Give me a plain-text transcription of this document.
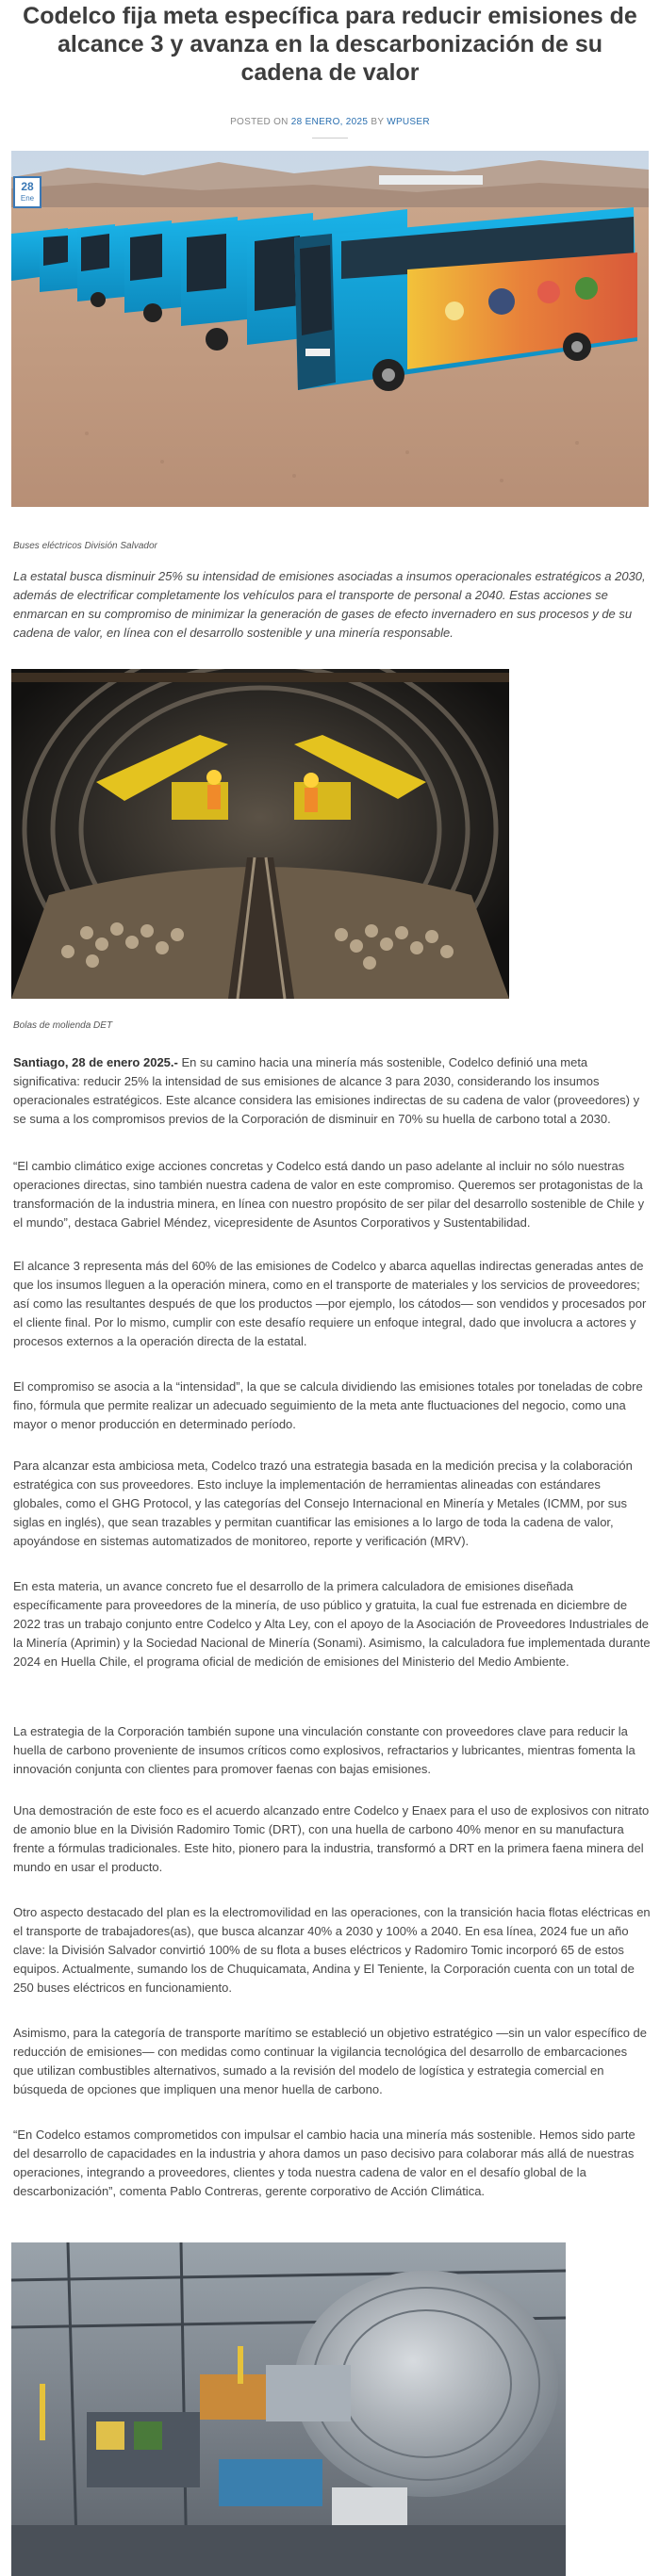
Codelco fija meta específica para reducir emisiones de alcance 3 y avanza en la descarbonización de su cadena de valor
POSTED ON 28 ENERO, 2025 BY WPUSER
28
Ene
Buses eléctricos División Salvador

La estatal busca disminuir 25% su intensidad de emisiones asociadas a insumos operacionales estratégicos a 2030, además de electrificar completamente los vehículos para el transporte de personal a 2040. Estas acciones se enmarcan en su compromiso de minimizar la generación de gases de efecto invernadero en sus procesos y de su cadena de valor, en línea con el desarrollo sostenible y una minería responsable.

Bolas de molienda DET

Santiago, 28 de enero 2025.- En su camino hacia una minería más sostenible, Codelco definió una meta significativa: reducir 25% la intensidad de sus emisiones de alcance 3 para 2030, considerando los insumos operacionales estratégicos. Este alcance considera las emisiones indirectas de su cadena de valor (proveedores) y se suma a los compromisos previos de la Corporación de disminuir en 70% su huella de carbono total a 2030.

“El cambio climático exige acciones concretas y Codelco está dando un paso adelante al incluir no sólo nuestras operaciones directas, sino también nuestra cadena de valor en este compromiso. Queremos ser protagonistas de la transformación de la industria minera, en línea con nuestro propósito de ser pilar del desarrollo sostenible de Chile y el mundo”, destaca Gabriel Méndez, vicepresidente de Asuntos Corporativos y Sustentabilidad.

El alcance 3 representa más del 60% de las emisiones de Codelco y abarca aquellas indirectas generadas antes de que los insumos lleguen a la operación minera, como en el transporte de materiales y los servicios de proveedores; así como las resultantes después de que los productos —por ejemplo, los cátodos— son vendidos y procesados por el cliente final. Por lo mismo, cumplir con este desafío requiere un enfoque integral, dado que involucra a actores y procesos externos a la operación directa de la estatal.

El compromiso se asocia a la “intensidad”, la que se calcula dividiendo las emisiones totales por toneladas de cobre fino, fórmula que permite realizar un adecuado seguimiento de la meta ante fluctuaciones del negocio, como una mayor o menor producción en determinado período.

Para alcanzar esta ambiciosa meta, Codelco trazó una estrategia basada en la medición precisa y la colaboración estratégica con sus proveedores. Esto incluye la implementación de herramientas alineadas con estándares globales, como el GHG Protocol, y las categorías del Consejo Internacional en Minería y Metales (ICMM, por sus siglas en inglés), que sean trazables y permitan cuantificar las emisiones a lo largo de toda la cadena de valor, apoyándose en sistemas automatizados de monitoreo, reporte y verificación (MRV).

En esta materia, un avance concreto fue el desarrollo de la primera calculadora de emisiones diseñada específicamente para proveedores de la minería, de uso público y gratuita, la cual fue estrenada en diciembre de 2022 tras un trabajo conjunto entre Codelco y Alta Ley, con el apoyo de la Asociación de Proveedores Industriales de la Minería (Aprimin) y la Sociedad Nacional de Minería (Sonami). Asimismo, la calculadora fue implementada durante 2024 en Huella Chile, el programa oficial de medición de emisiones del Ministerio del Medio Ambiente.

La estrategia de la Corporación también supone una vinculación constante con proveedores clave para reducir la huella de carbono proveniente de insumos críticos como explosivos, refractarios y lubricantes, mientras fomenta la innovación conjunta con clientes para promover faenas con bajas emisiones.

Una demostración de este foco es el acuerdo alcanzado entre Codelco y Enaex para el uso de explosivos con nitrato de amonio blue en la División Radomiro Tomic (DRT), con una huella de carbono 40% menor en su manufactura frente a fórmulas tradicionales. Este hito, pionero para la industria, transformó a DRT en la primera faena minera del mundo en usar el producto.

Otro aspecto destacado del plan es la electromovilidad en las operaciones, con la transición hacia flotas eléctricas en el transporte de trabajadores(as), que busca alcanzar 40% a 2030 y 100% a 2040. En esa línea, 2024 fue un año clave: la División Salvador convirtió 100% de su flota a buses eléctricos y Radomiro Tomic incorporó 65 de estos equipos. Actualmente, sumando los de Chuquicamata, Andina y El Teniente, la Corporación cuenta con un total de 250 buses eléctricos en funcionamiento.

Asimismo, para la categoría de transporte marítimo se estableció un objetivo estratégico —sin un valor específico de reducción de emisiones— con medidas como continuar la vigilancia tecnológica del desarrollo de embarcaciones que utilizan combustibles alternativos, sumado a la revisión del modelo de logística y estrategia comercial en búsqueda de opciones que impliquen una menor huella de carbono.

“En Codelco estamos comprometidos con impulsar el cambio hacia una minería más sostenible. Hemos sido parte del desarrollo de capacidades en la industria y ahora damos un paso decisivo para colaborar más allá de nuestras operaciones, integrando a proveedores, clientes y toda nuestra cadena de valor en el desafío global de la descarbonización”, comenta Pablo Contreras, gerente corporativo de Acción Climática.
